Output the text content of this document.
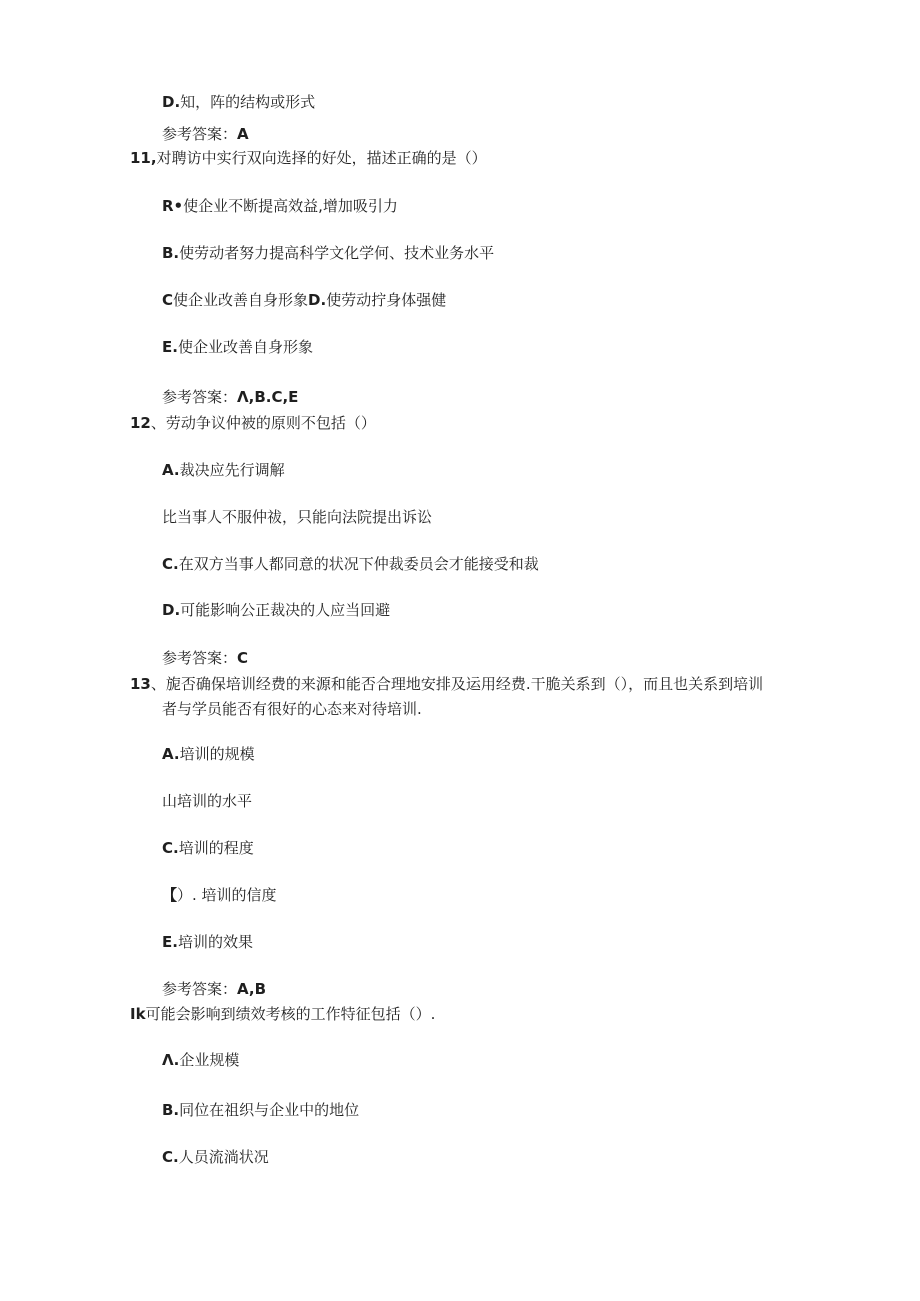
D.知，阵的结构或形式
参考答案：A
11,对聘访中实行双向选择的好处，描述正确的是（）
R•使企业不断提高效益,增加吸引力
B.使劳动者努力提高科学文化学何、技术业务水平
C使企业改善自身形象D.使劳动拧身体强健
E.使企业改善自身形象
参考答案：Λ,B.C,E
12、劳动争议仲被的原则不包括（）
A.裁决应先行调解
比当事人不服仲祓，只能向法院提出诉讼
C.在双方当事人都同意的状况下仲裁委员会才能接受和裁
D.可能影响公正裁决的人应当回避
参考答案：C
13、旎否确保培训经费的来源和能否合理地安排及运用经费.干脆关系到（），而且也关系到培训
者与学员能否有很好的心态来对待培训.
A.培训的规模
山培训的水平
C.培训的程度
【）. 培训的信度
E.培训的效果
参考答案：A,B
Ik可能会影响到绩效考核的工作特征包括（）.
Λ.企业规模
B.同位在祖织与企业中的地位
C.人员流淌状况
